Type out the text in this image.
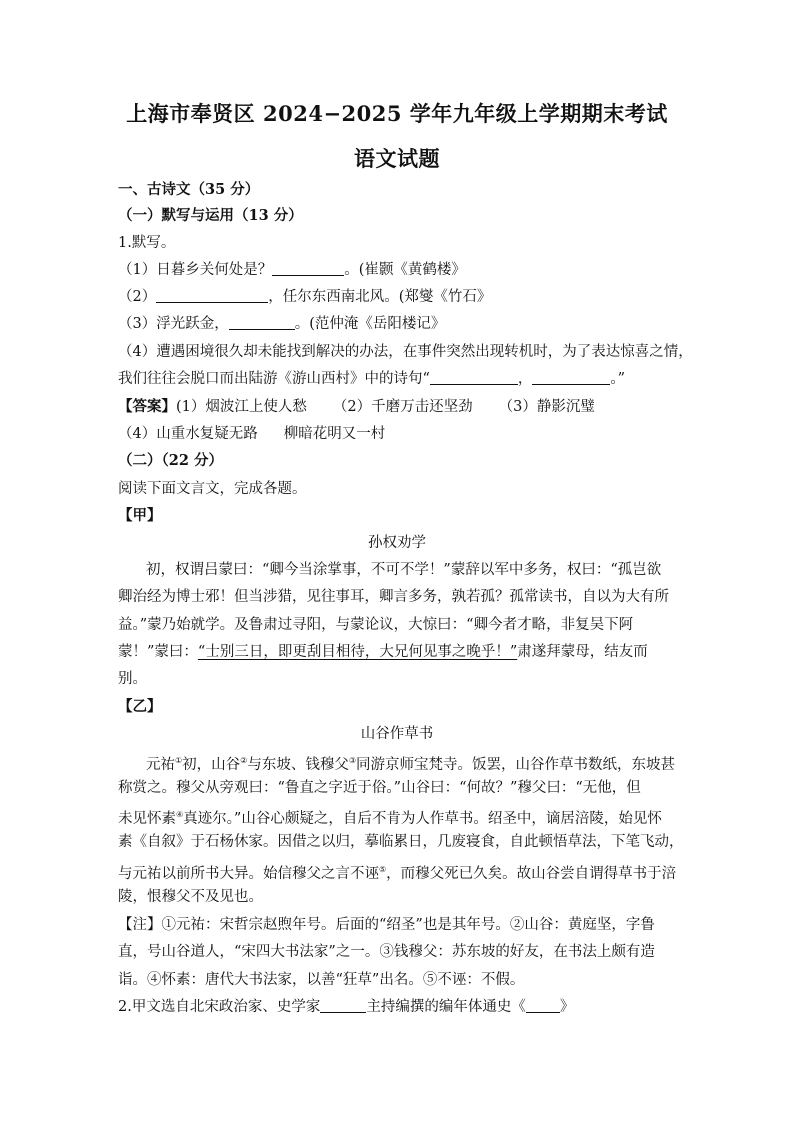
上海市奉贤区 2024−2025 学年九年级上学期期末考试
语文试题
一、古诗文（35 分）
（一）默写与运用（13 分）
1.默写。
（1）日暮乡关何处是？	。(崔颢《黄鹤楼》
（2）	，任尔东西南北风。(郑燮《竹石》
（3）浮光跃金，	。(范仲淹《岳阳楼记》
（4）遭遇困境很久却未能找到解决的办法，在事件突然出现转机时，为了表达惊喜之情，
我们往往会脱口而出陆游《游山西村》中的诗句“	，	。”
【答案】(1）烟波江上使人愁 （2）千磨万击还坚劲 （3）静影沉璧
（4）山重水复疑无路 柳暗花明又一村
（二）（22 分）
阅读下面文言文，完成各题。
【甲】
孙权劝学
初，权谓吕蒙曰：“卿今当涂掌事，不可不学！”蒙辞以军中多务，权曰：“孤岂欲
卿治经为博士邪！但当涉猎，见往事耳，卿言多务，孰若孤？孤常读书，自以为大有所
益。”蒙乃始就学。及鲁肃过寻阳，与蒙论议，大惊曰：“卿今者才略，非复吴下阿
蒙！”蒙曰：“士别三日，即更刮目相待，大兄何见事之晚乎！”肃遂拜蒙母，结友而
别。
【乙】
山谷作草书
元祐①初，山谷②与东坡、钱穆父③同游京师宝梵寺。饭罢，山谷作草书数纸，东坡甚
称赏之。穆父从旁观曰：“鲁直之字近于俗。”山谷曰：“何故？”穆父曰：“无他，但
未见怀素④真迹尔。”山谷心颇疑之，自后不肯为人作草书。绍圣中，谪居涪陵，始见怀
素《自叙》于石杨休家。因借之以归，摹临累日，几废寝食，自此顿悟草法，下笔飞动，
与元祐以前所书大异。始信穆父之言不诬⑤，而穆父死已久矣。故山谷尝自谓得草书于涪
陵，恨穆父不及见也。
【注】①元祐：宋哲宗赵煦年号。后面的“绍圣”也是其年号。②山谷：黄庭坚，字鲁
直，号山谷道人，“宋四大书法家”之一。③钱穆父：苏东坡的好友，在书法上颇有造
诣。④怀素：唐代大书法家，以善“狂草”出名。⑤不诬：不假。
2.甲文选自北宋政治家、史学家	主持编撰的编年体通史《 》
